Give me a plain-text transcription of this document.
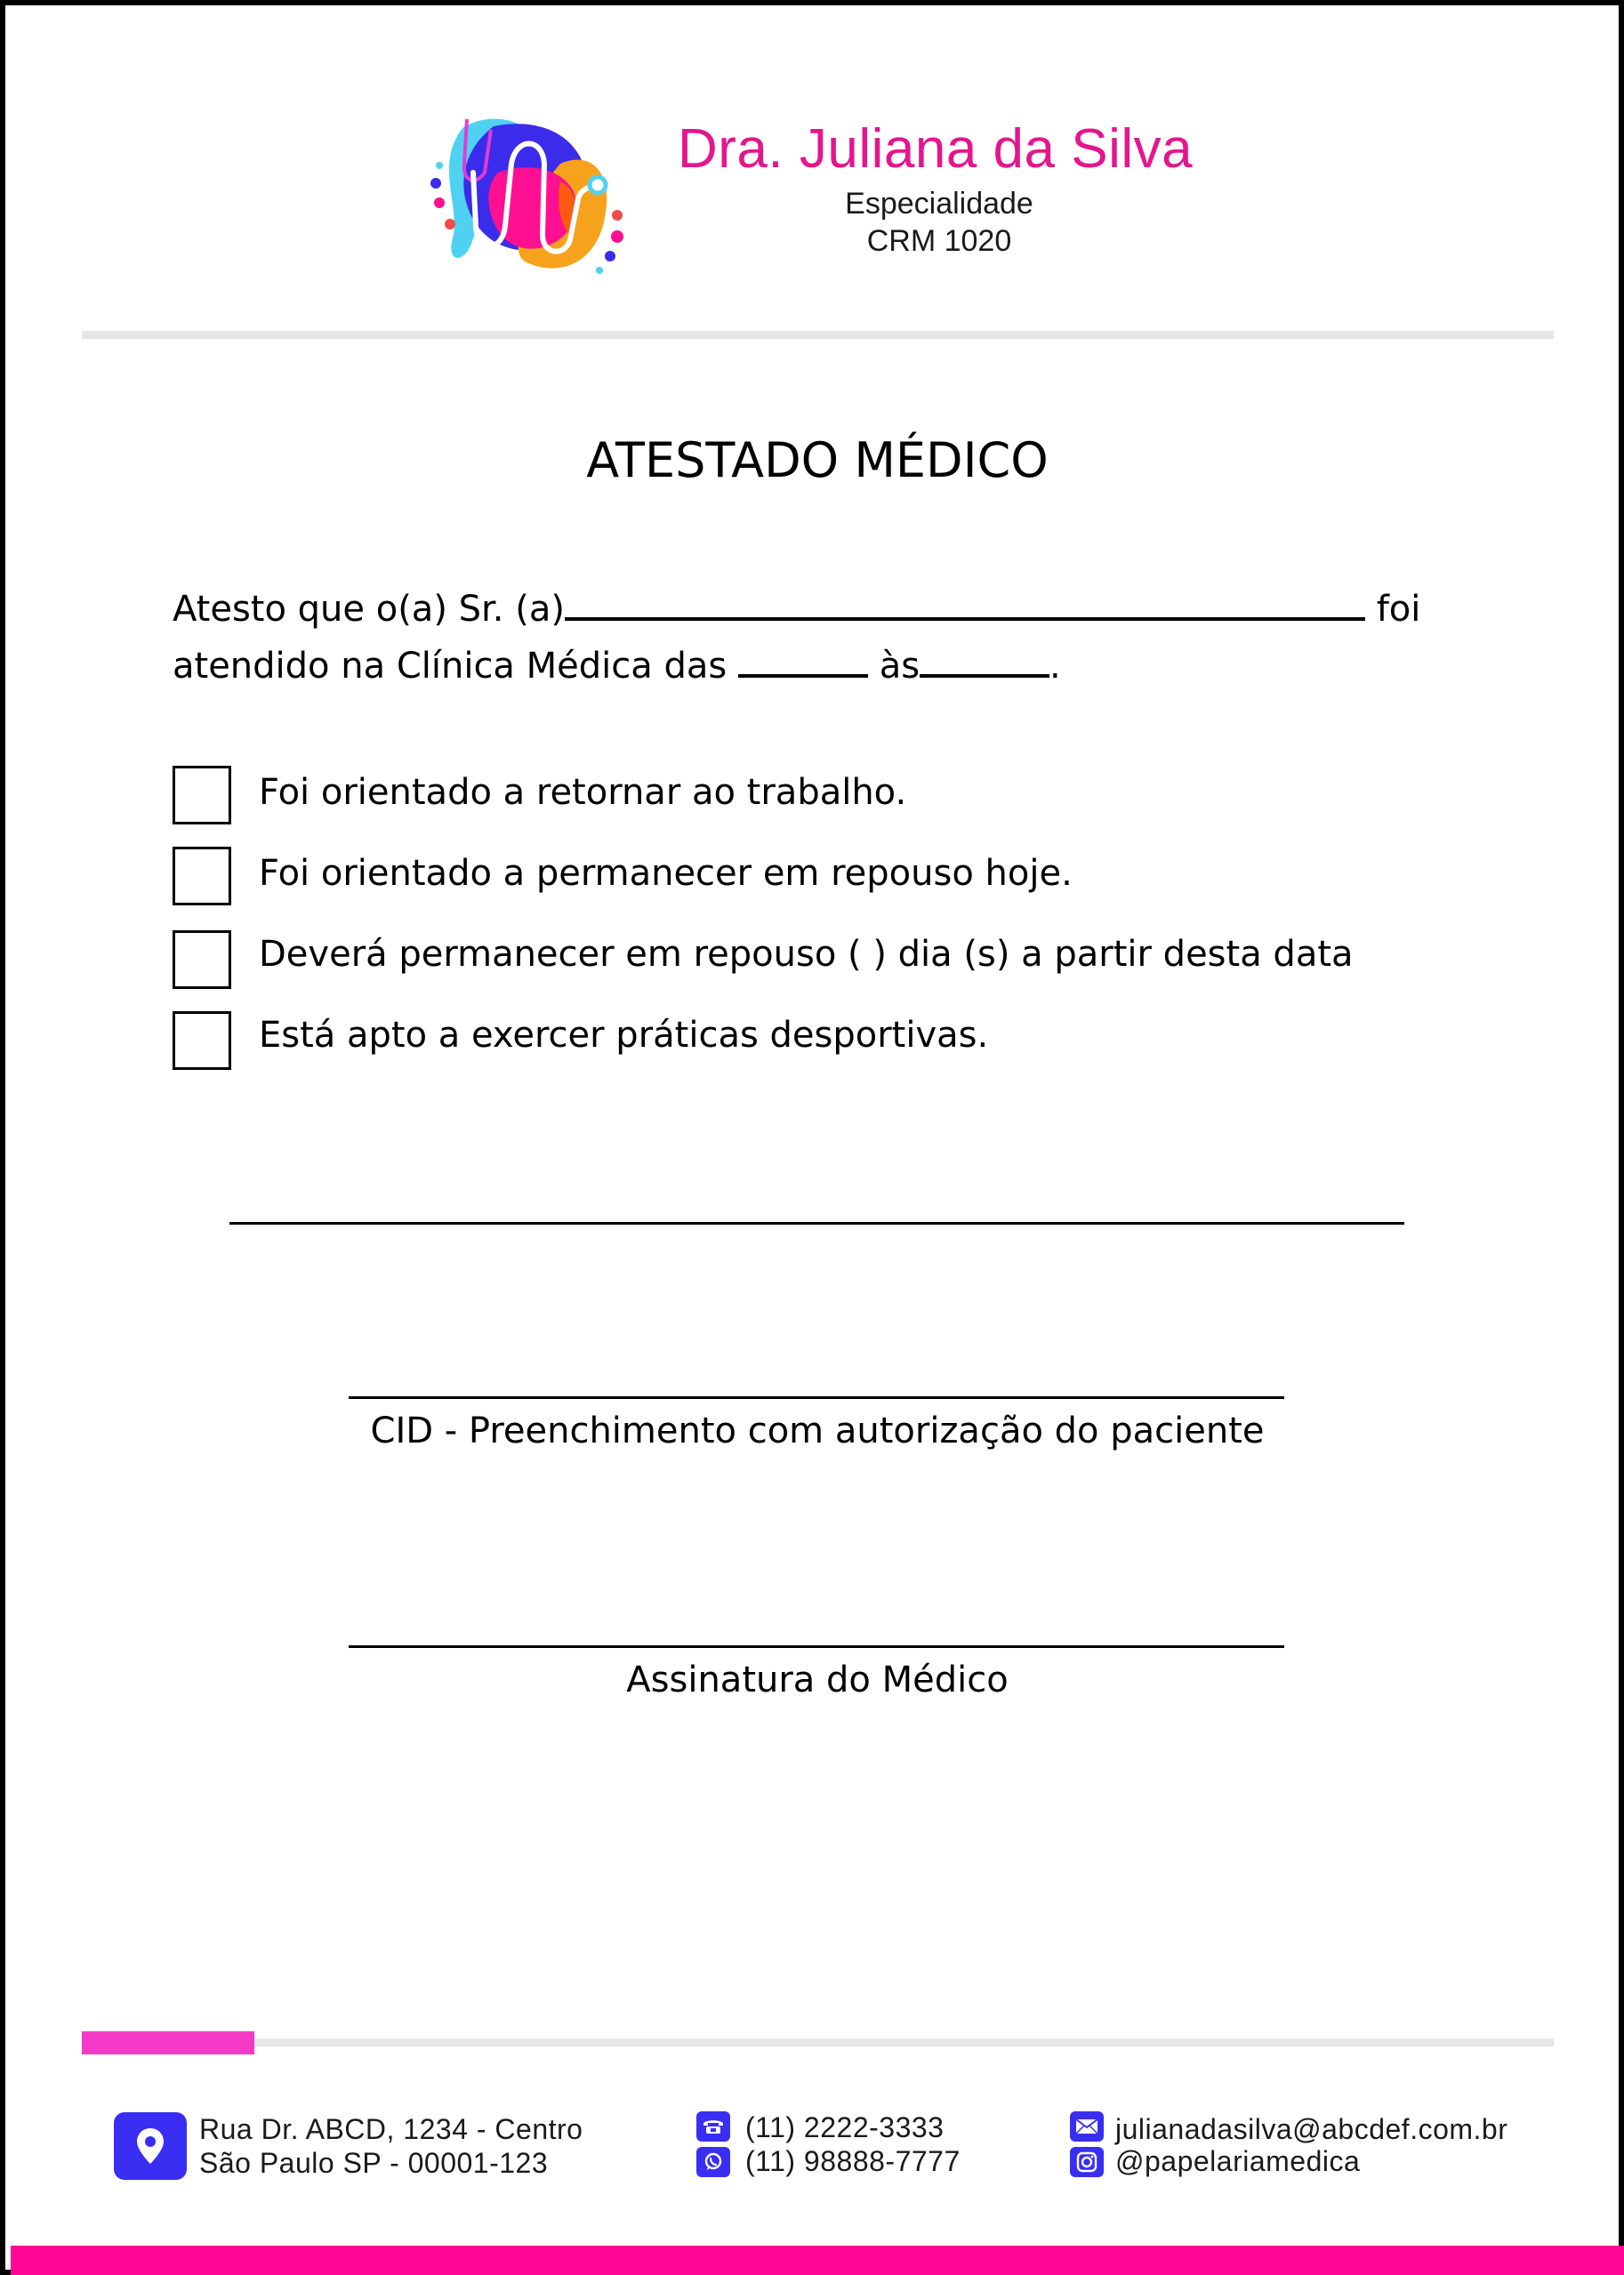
Dra. Juliana da Silva
Especialidade
CRM 1020
ATESTADO MÉDICO
Atesto que o(a) Sr. (a)	foi
atendido na Clínica Médica das	às	.
Foi orientado a retornar ao trabalho.
Foi orientado a permanecer em repouso hoje.
Deverá permanecer em repouso ( ) dia (s) a partir desta data
Está apto a exercer práticas desportivas.
CID - Preenchimento com autorização do paciente
Assinatura do Médico
Rua Dr. ABCD, 1234 - Centro
São Paulo SP - 00001-123
(11) 2222-3333
(11) 98888-7777
julianadasilva@abcdef.com.br
@papelariamedica
